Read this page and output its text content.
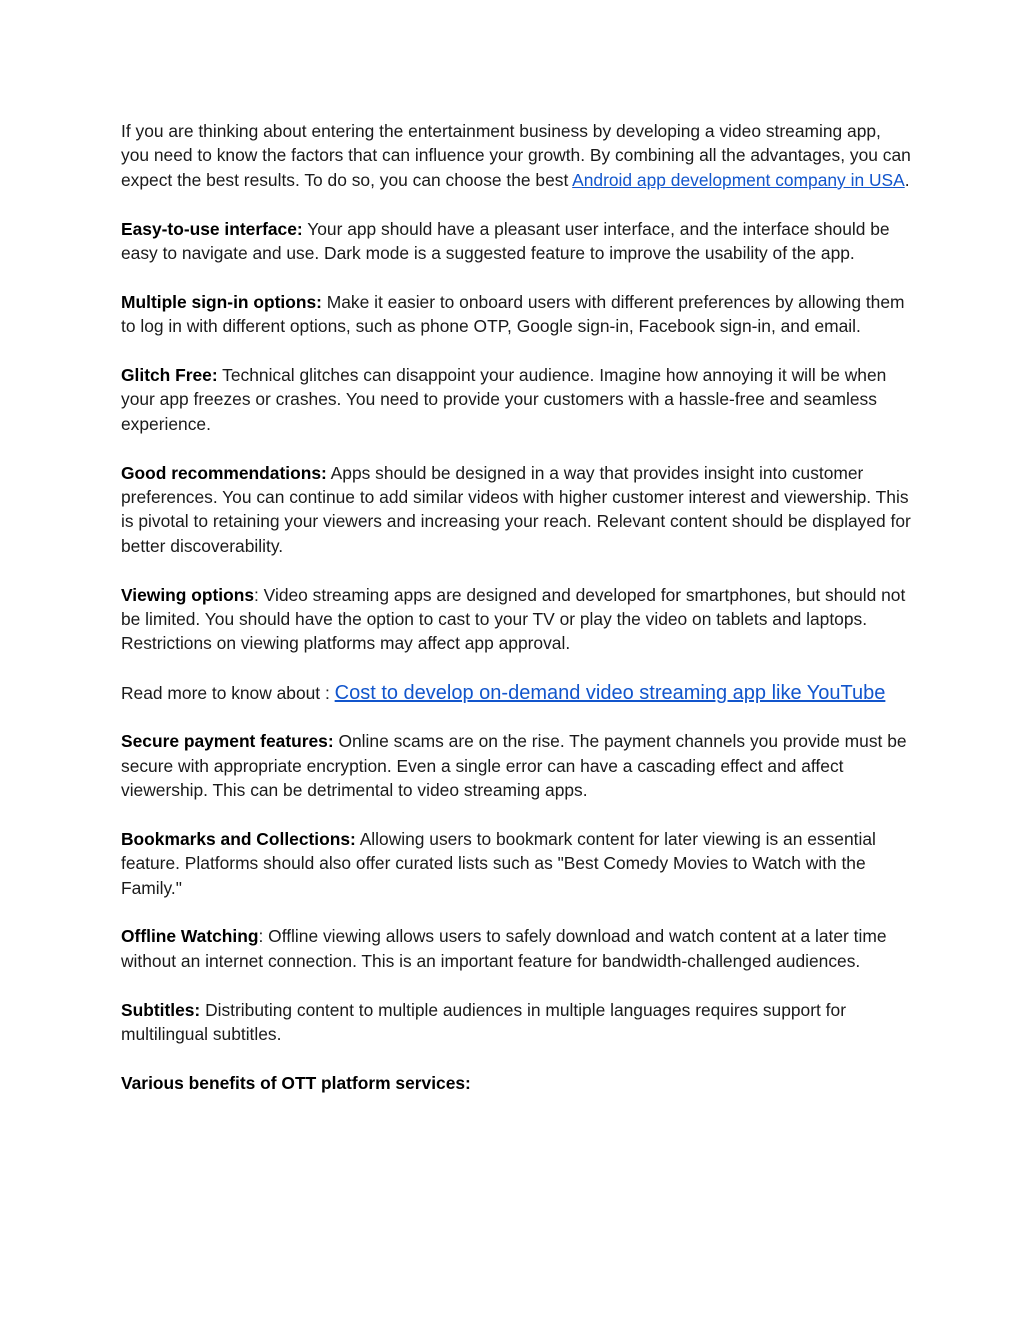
If you are thinking about entering the entertainment business by developing a video streaming app, you need to know the factors that can influence your growth. By combining all the advantages, you can expect the best results. To do so, you can choose the best Android app development company in USA.

Easy-to-use interface: Your app should have a pleasant user interface, and the interface should be easy to navigate and use. Dark mode is a suggested feature to improve the usability of the app.

Multiple sign-in options: Make it easier to onboard users with different preferences by allowing them to log in with different options, such as phone OTP, Google sign-in, Facebook sign-in, and email.

Glitch Free: Technical glitches can disappoint your audience. Imagine how annoying it will be when your app freezes or crashes. You need to provide your customers with a hassle-free and seamless experience.

Good recommendations: Apps should be designed in a way that provides insight into customer preferences. You can continue to add similar videos with higher customer interest and viewership. This is pivotal to retaining your viewers and increasing your reach. Relevant content should be displayed for better discoverability.

Viewing options: Video streaming apps are designed and developed for smartphones, but should not be limited. You should have the option to cast to your TV or play the video on tablets and laptops. Restrictions on viewing platforms may affect app approval.

Read more to know about : Cost to develop on-demand video streaming app like YouTube

Secure payment features: Online scams are on the rise. The payment channels you provide must be secure with appropriate encryption. Even a single error can have a cascading effect and affect viewership. This can be detrimental to video streaming apps.

Bookmarks and Collections: Allowing users to bookmark content for later viewing is an essential feature. Platforms should also offer curated lists such as "Best Comedy Movies to Watch with the Family."

Offline Watching: Offline viewing allows users to safely download and watch content at a later time without an internet connection. This is an important feature for bandwidth-challenged audiences.

Subtitles: Distributing content to multiple audiences in multiple languages requires support for multilingual subtitles.

Various benefits of OTT platform services:
